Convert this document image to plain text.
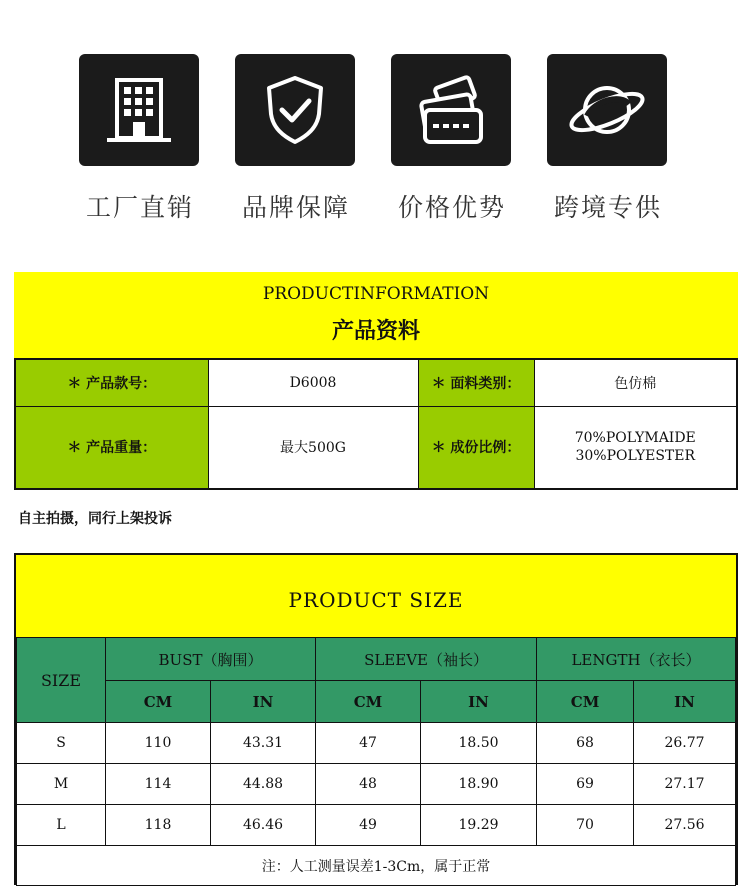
工厂直销 品牌保障 价格优势 跨境专供
PRODUCTINFORMATION
产品资料
＊ 产品款号：	D6008	＊ 面料类别：	色仿棉
＊ 产品重量：	最大500G	＊ 成份比例：	70%POLYMAIDE
30%POLYESTER
自主拍摄，同行上架投诉
PRODUCT SIZE
SIZE	BUST（胸围）		SLEEVE（袖长）		LENGTH（衣长）	
	CM	IN	CM	IN	CM	IN
S	110	43.31	47	18.50	68	26.77
M	114	44.88	48	18.90	69	27.17
L	118	46.46	49	19.29	70	27.56
注：人工测量误差1-3Cm，属于正常						
